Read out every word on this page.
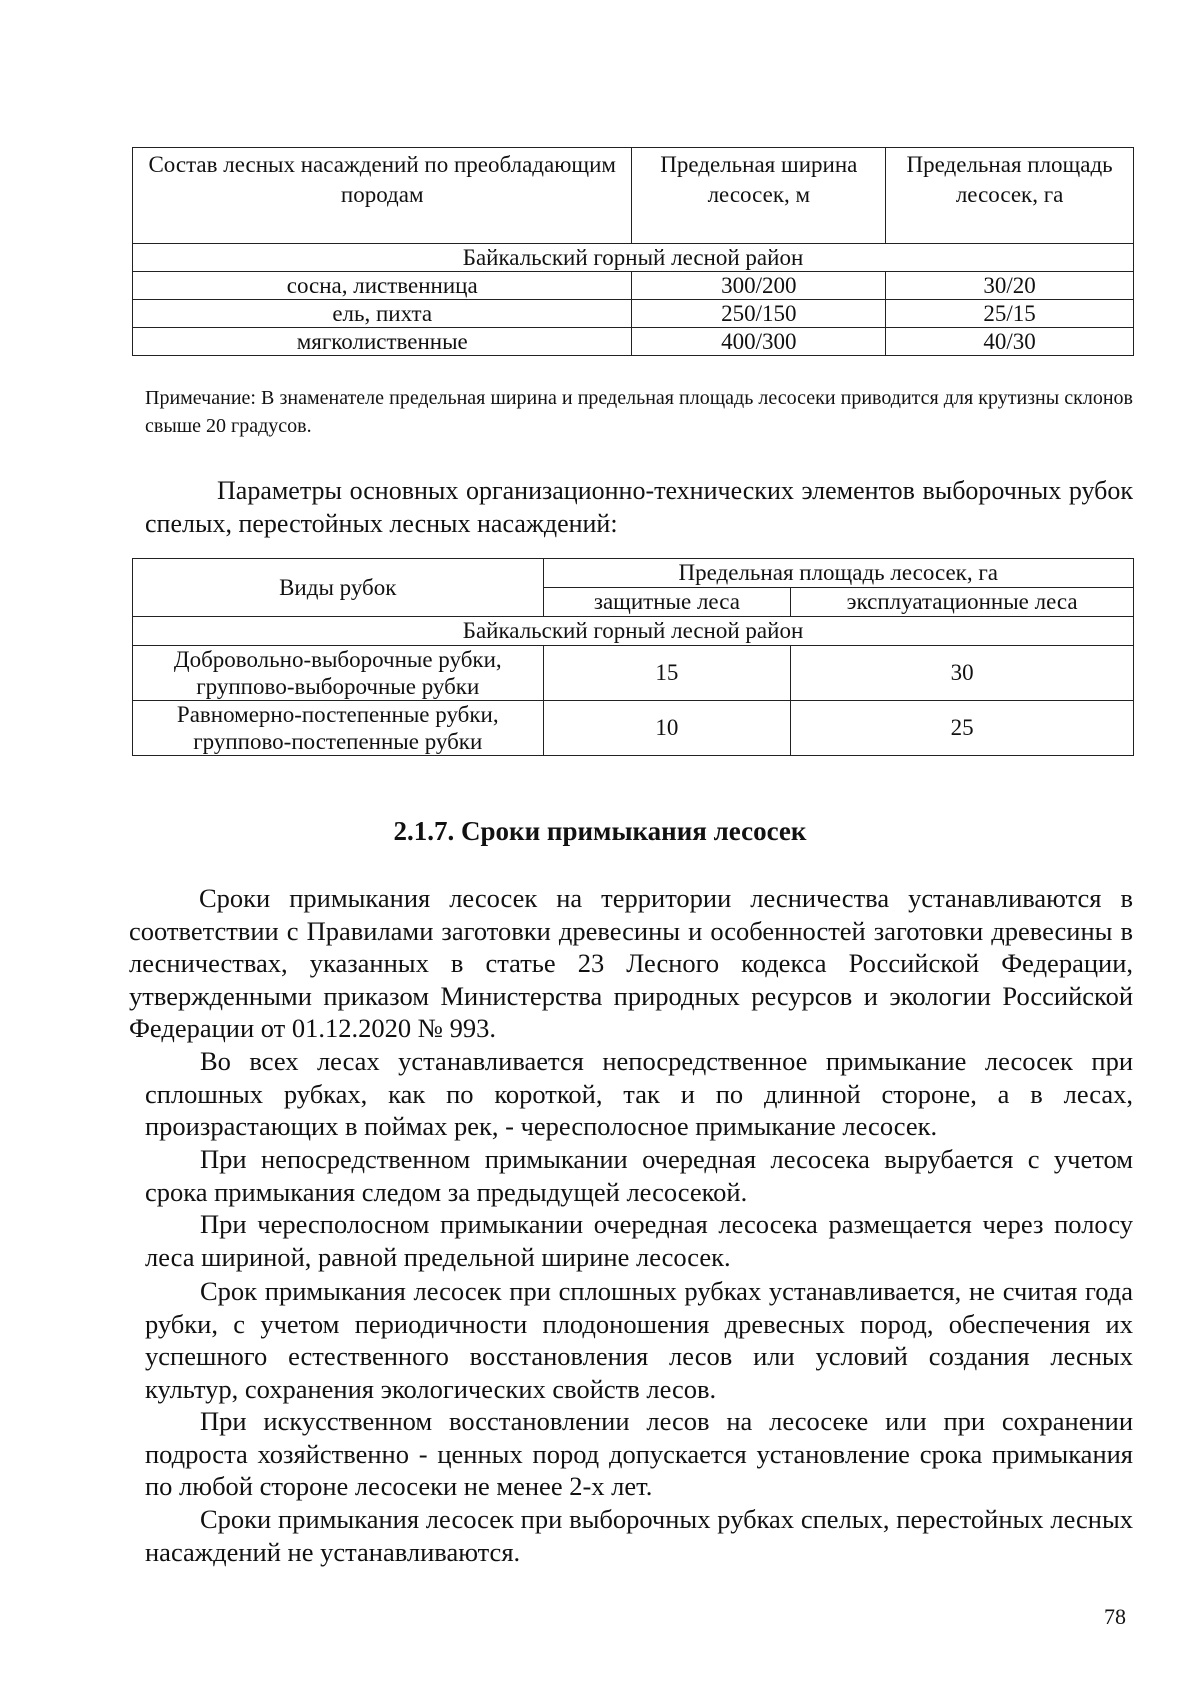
Состав лесных насаждений по преобладающим породам	Предельная ширина лесосек, м	Предельная площадь лесосек, га
Байкальский горный лесной район		
сосна, лиственница	300/200	30/20
ель, пихта	250/150	25/15
мягколиственные	400/300	40/30
Примечание: В знаменателе предельная ширина и предельная площадь лесосеки приводится для крутизны склонов свыше 20 градусов.
Параметры основных организационно-технических элементов выборочных рубок спелых, перестойных лесных насаждений:
Виды рубок	Предельная площадь лесосек, га	
	защитные леса	эксплуатационные леса
Байкальский горный лесной район		
Добровольно-выборочные рубки, групповo-выборочные рубки	15	30
Равномерно-постепенные рубки, группово-постепенные рубки	10	25
2.1.7. Сроки примыкания лесосек

Сроки примыкания лесосек на территории лесничества устанавливаются в соответствии с Правилами заготовки древесины и особенностей заготовки древесины в лесничествах, указанных в статье 23 Лесного кодекса Российской Федерации, утвержденными приказом Министерства природных ресурсов и экологии Российской Федерации от 01.12.2020 № 993.

Во всех лесах устанавливается непосредственное примыкание лесосек при сплошных рубках, как по короткой, так и по длинной стороне, а в лесах, произрастающих в поймах рек, - чересполосное примыкание лесосек.

При непосредственном примыкании очередная лесосека вырубается с учетом срока примыкания следом за предыдущей лесосекой.

При чересполосном примыкании очередная лесосека размещается через полосу леса шириной, равной предельной ширине лесосек.

Срок примыкания лесосек при сплошных рубках устанавливается, не считая года рубки, с учетом периодичности плодоношения древесных пород, обеспечения их успешного естественного восстановления лесов или условий создания лесных культур, сохранения экологических свойств лесов.

При искусственном восстановлении лесов на лесосеке или при сохранении подроста хозяйственно - ценных пород допускается установление срока примыкания по любой стороне лесосеки не менее 2-х лет.

Сроки примыкания лесосек при выборочных рубках спелых, перестойных лесных насаждений не устанавливаются.

78
